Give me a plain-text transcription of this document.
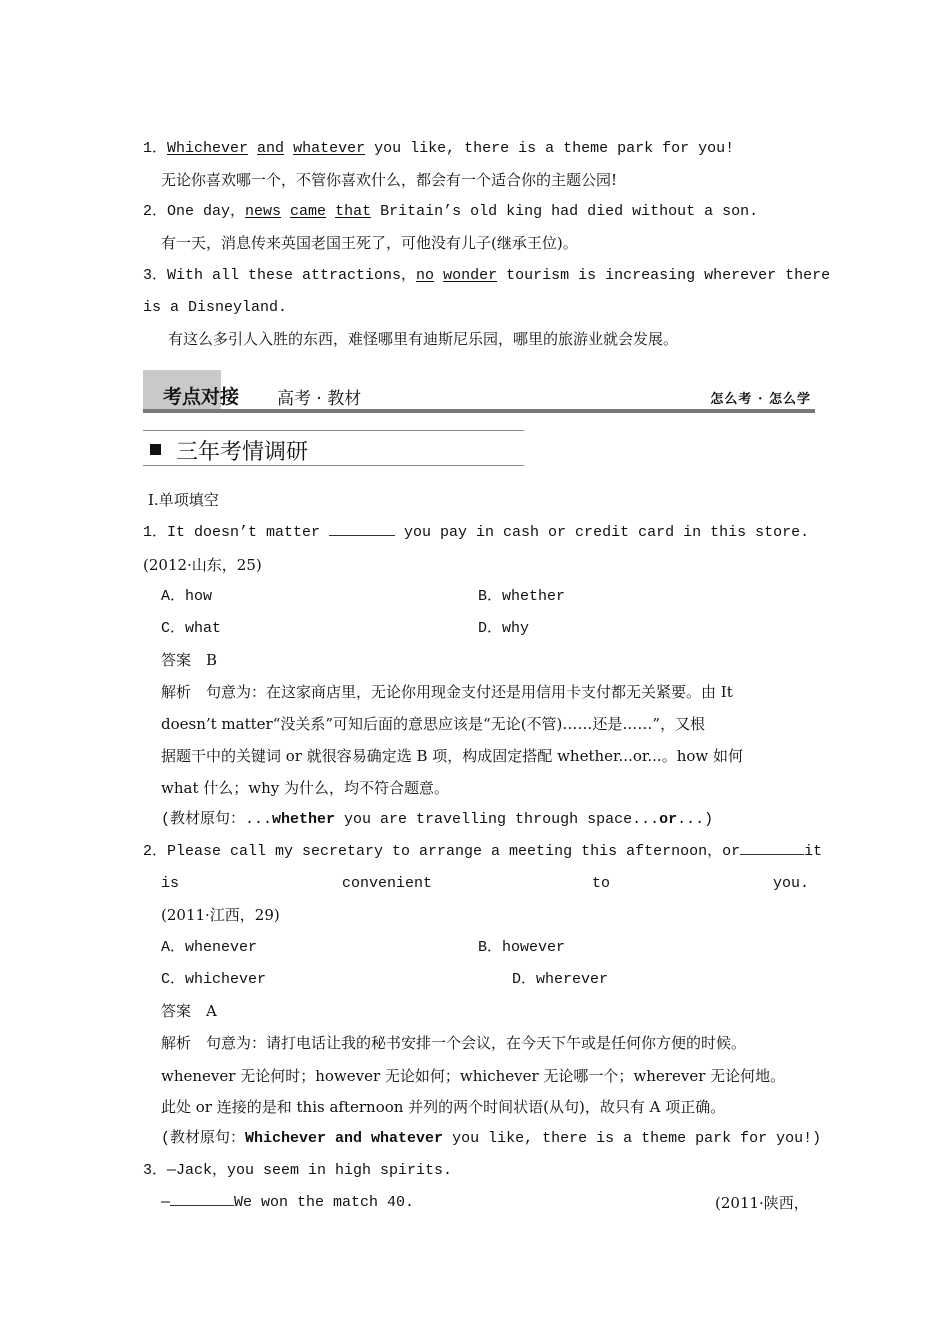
1．Whichever and whatever you like, there is a theme park for you!
无论你喜欢哪一个，不管你喜欢什么，都会有一个适合你的主题公园!
2．One day，news came that Britain’s old king had died without a son.
有一天，消息传来英国老国王死了，可他没有儿子(继承王位)。
3．With all these attractions，no wonder tourism is increasing wherever there
is a Disneyland.
有这么多引人入胜的东西，难怪哪里有迪斯尼乐园，哪里的旅游业就会发展。
考点对接 高考 · 教材	怎么考 · 怎么学
三年考情调研
Ⅰ.单项填空
1．It doesn’t matter	you pay in cash or credit card in this store.
(2012·山东，25)
A．how	B．whether
C．what	D．why
答案　B
解析　句意为：在这家商店里，无论你用现金支付还是用信用卡支付都无关紧要。由 It
doesn’t matter“没关系”可知后面的意思应该是“无论(不管)……还是……”，又根
据题干中的关键词 or 就很容易确定选 B 项，构成固定搭配 whether...or...。how 如何
what 什么；why 为什么，均不符合题意。
(教材原句：...whether you are travelling through space...or...)
2．Please call my secretary to arrange a meeting this afternoon，or	it
is	convenient	to	you.
(2011·江西，29)
A．whenever	B．however
C．whichever	D．wherever
答案　A
解析　句意为：请打电话让我的秘书安排一个会议，在今天下午或是任何你方便的时候。
whenever 无论何时；however 无论如何；whichever 无论哪一个；wherever 无论何地。
此处 or 连接的是和 this afternoon 并列的两个时间状语(从句)，故只有 A 项正确。
(教材原句：Whichever and whatever you like, there is a theme park for you!)
3．—Jack，you seem in high spirits.
—	We won the match 40.	(2011·陕西，
